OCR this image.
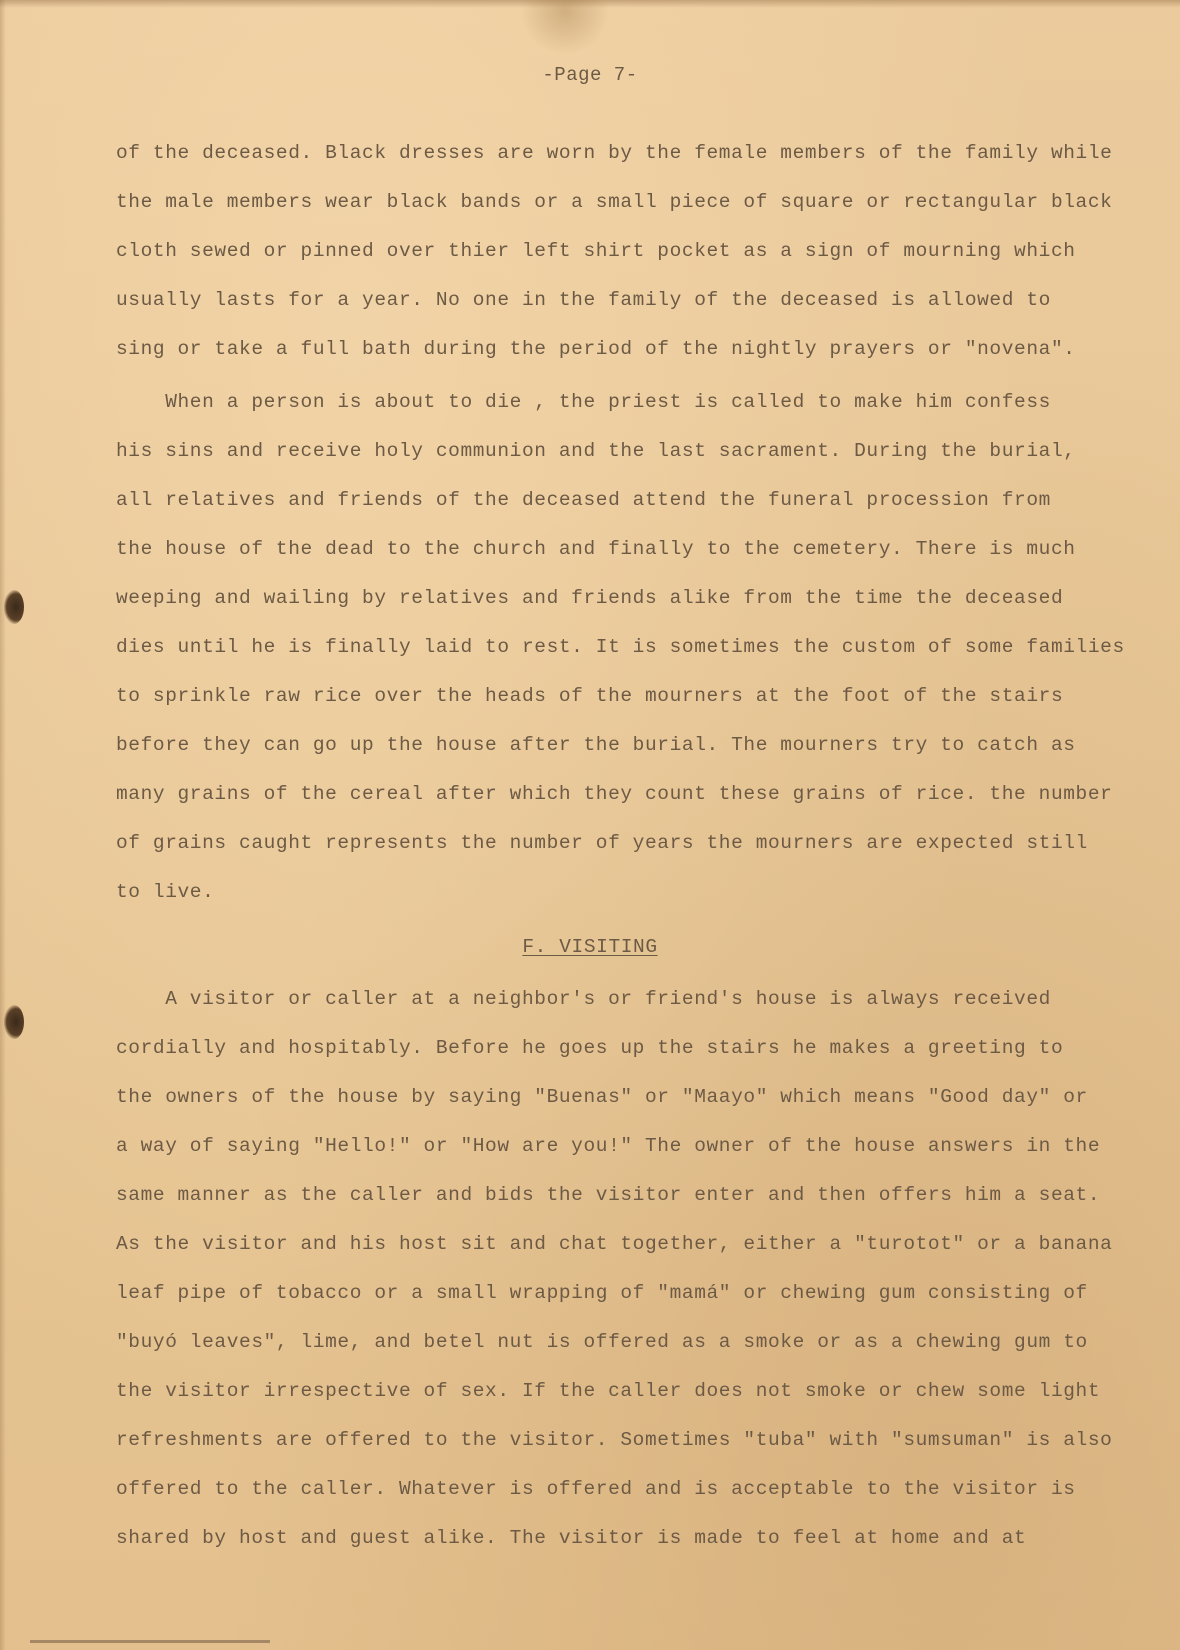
-Page 7-
of the deceased. Black dresses are worn by the female members of the family while
the male members wear black bands or a small piece of square or rectangular black
cloth sewed or pinned over thier left shirt pocket as a sign of mourning which
usually lasts for a year. No one in the family of the deceased is allowed to
sing or take a full bath during the period of the nightly prayers or "novena".
When a person is about to die , the priest is called to make him confess
his sins and receive holy communion and the last sacrament. During the burial,
all relatives and friends of the deceased attend the funeral procession from
the house of the dead to the church and finally to the cemetery. There is much
weeping and wailing by relatives and friends alike from the time the deceased
dies until he is finally laid to rest. It is sometimes the custom of some families
to sprinkle raw rice over the heads of the mourners at the foot of the stairs
before they can go up the house after the burial. The mourners try to catch as
many grains of the cereal after which they count these grains of rice. the number
of grains caught represents the number of years the mourners are expected still
to live.
F. VISITING
A visitor or caller at a neighbor's or friend's house is always received
cordially and hospitably. Before he goes up the stairs he makes a greeting to
the owners of the house by saying "Buenas" or "Maayo" which means "Good day" or
a way of saying "Hello!" or "How are you!" The owner of the house answers in the
same manner as the caller and bids the visitor enter and then offers him a seat.
As the visitor and his host sit and chat together, either a "turotot" or a banana
leaf pipe of tobacco or a small wrapping of "mamá" or chewing gum consisting of
"buyó leaves", lime, and betel nut is offered as a smoke or as a chewing gum to
the visitor irrespective of sex. If the caller does not smoke or chew some light
refreshments are offered to the visitor. Sometimes "tuba" with "sumsuman" is also
offered to the caller. Whatever is offered and is acceptable to the visitor is
shared by host and guest alike. The visitor is made to feel at home and at
